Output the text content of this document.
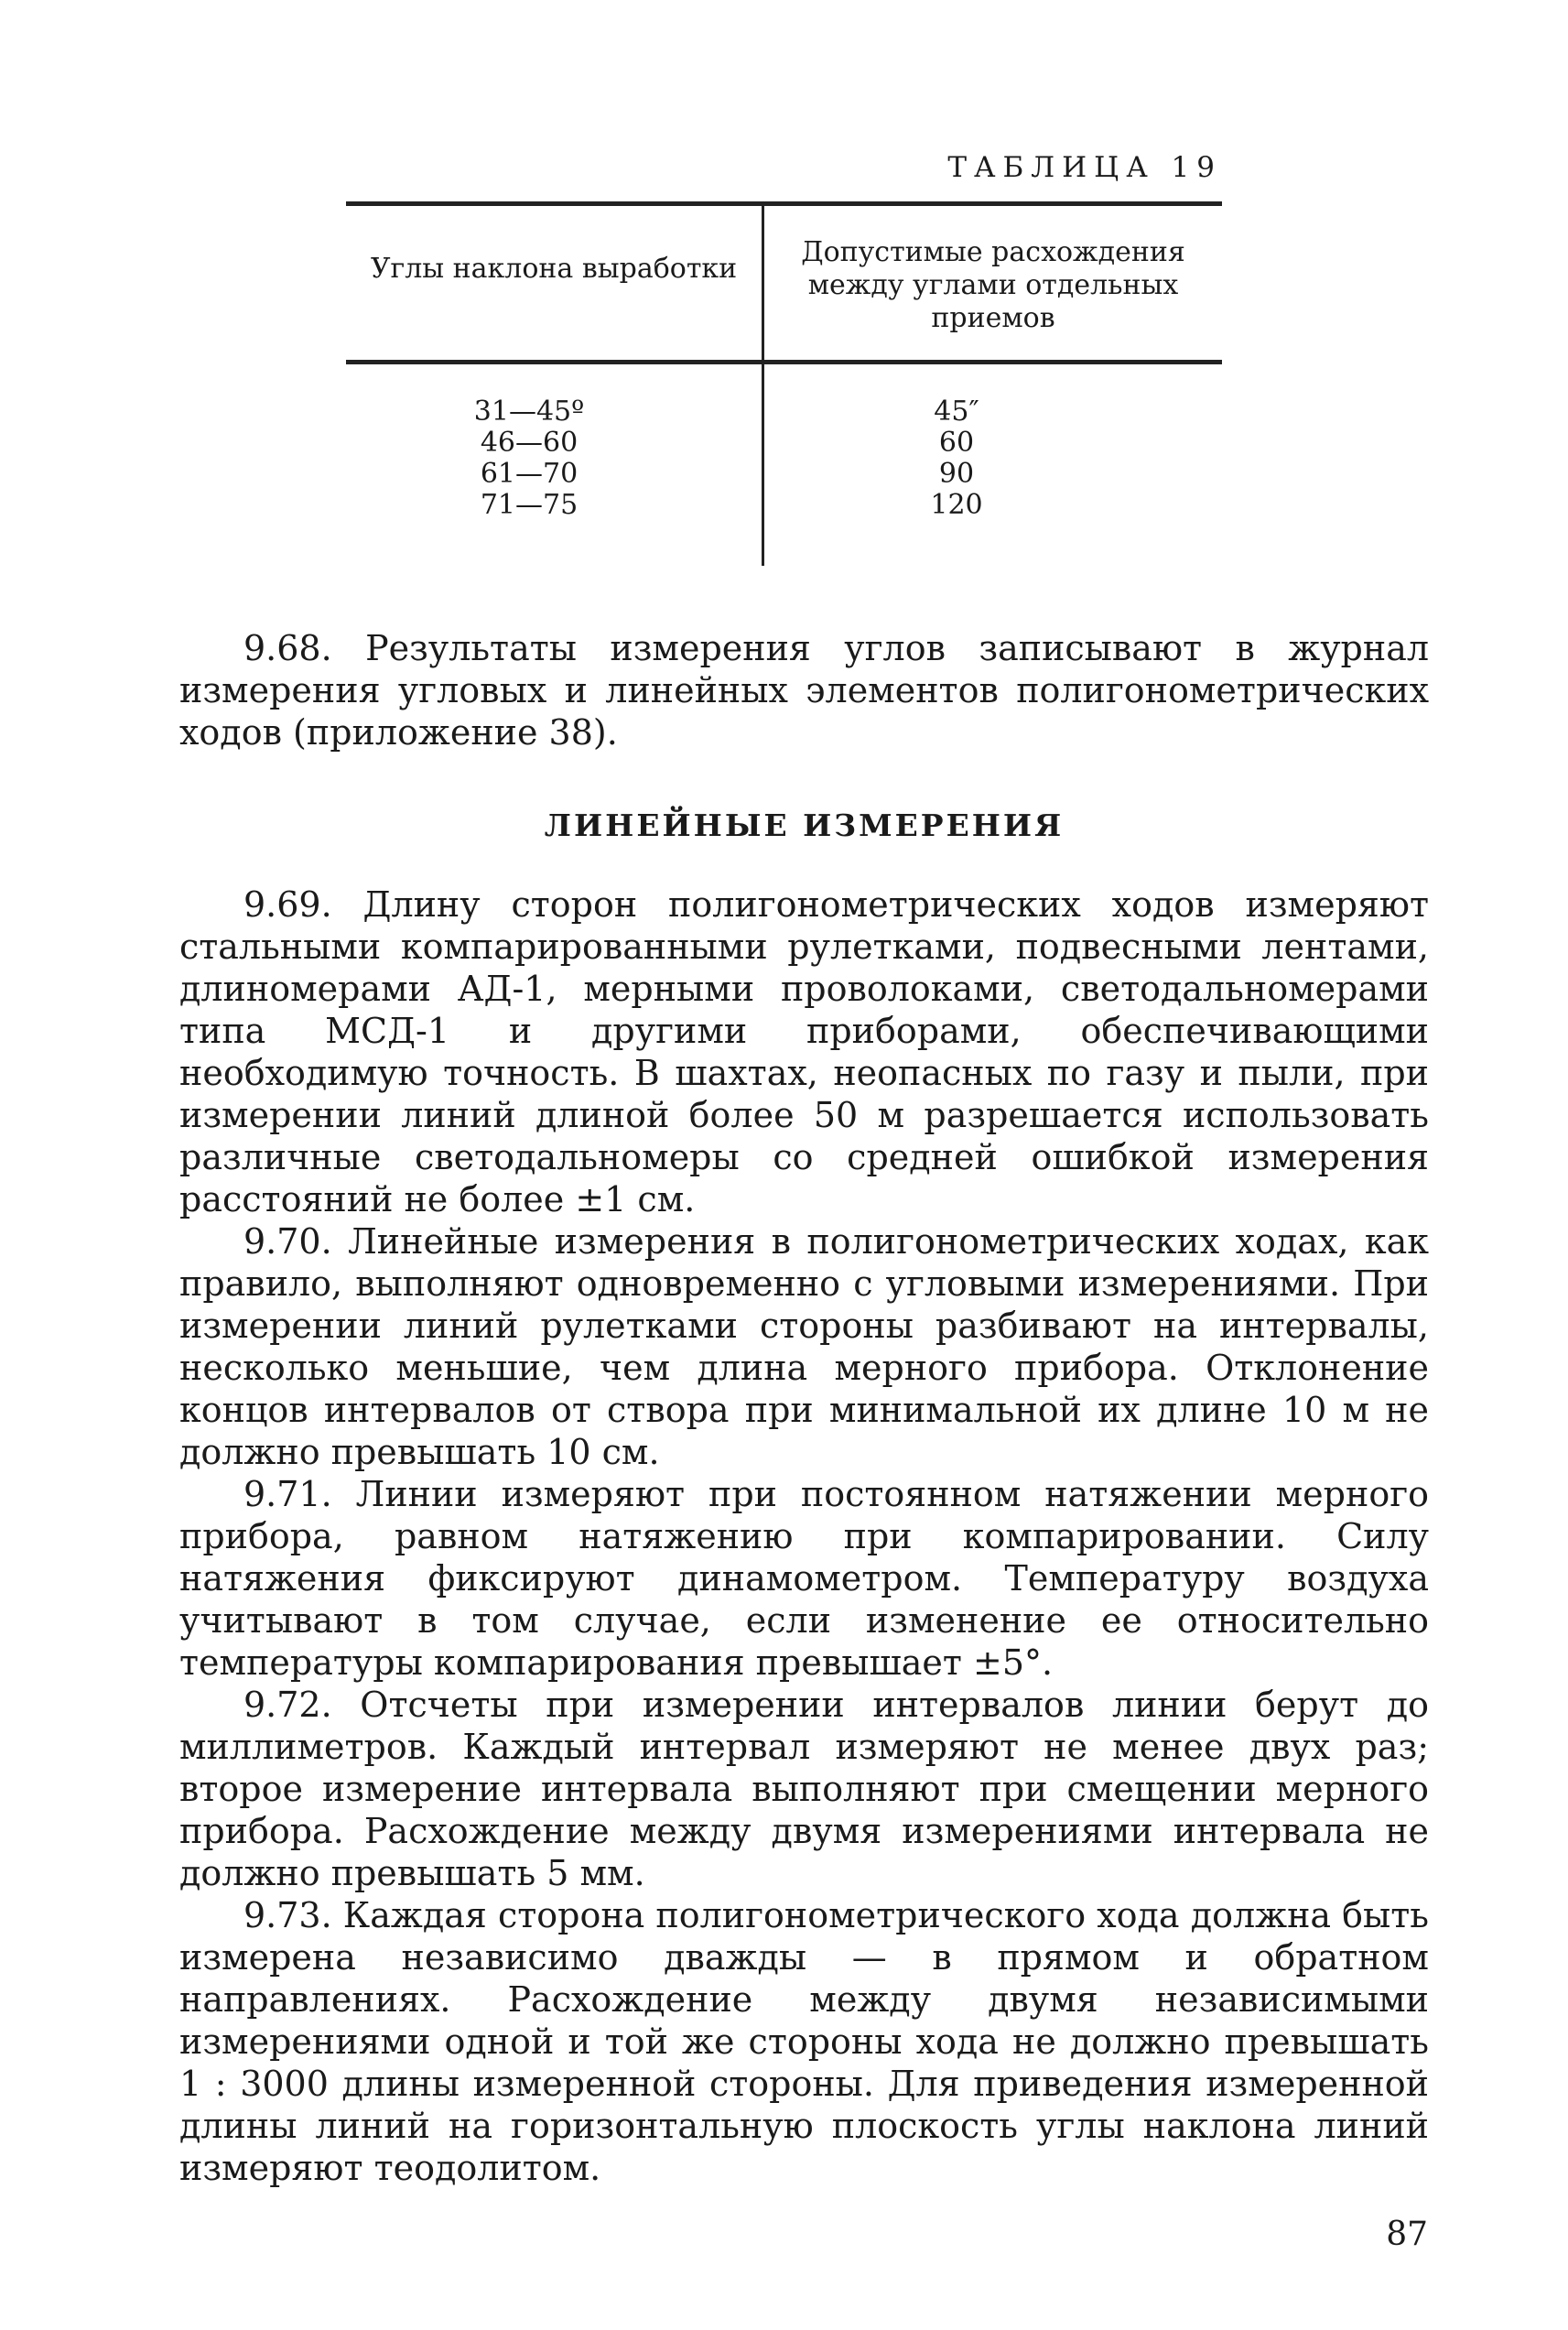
ТАБЛИЦА 19
Углы наклона выработки
Допустимые расхождения между углами отдельных приемов
31—45º
46—60
61—70
71—75
45″
60
90
120

9.68. Результаты измерения углов записывают в журнал измерения угловых и линейных элементов полигонометрических ходов (приложение 38).

ЛИНЕЙНЫЕ ИЗМЕРЕНИЯ

9.69. Длину сторон полигонометрических ходов измеряют стальными компарированными рулетками, подвесными лентами, длиномерами АД-1, мерными проволоками, светодальномерами типа МСД-1 и другими приборами, обеспечивающими необходимую точность. В шахтах, неопасных по газу и пыли, при измерении линий длиной более 50 м разрешается использовать различные светодальномеры со средней ошибкой измерения расстояний не более ±1 см.

9.70. Линейные измерения в полигонометрических ходах, как правило, выполняют одновременно с угловыми измерениями. При измерении линий рулетками стороны разбивают на интервалы, несколько меньшие, чем длина мерного прибора. Отклонение концов интервалов от створа при минимальной их длине 10 м не должно превышать 10 см.

9.71. Линии измеряют при постоянном натяжении мерного прибора, равном натяжению при компарировании. Силу натяжения фиксируют динамометром. Температуру воздуха учитывают в том случае, если изменение ее относительно температуры компарирования превышает ±5°.

9.72. Отсчеты при измерении интервалов линии берут до миллиметров. Каждый интервал измеряют не менее двух раз; второе измерение интервала выполняют при смещении мерного прибора. Расхождение между двумя измерениями интервала не должно превышать 5 мм.

9.73. Каждая сторона полигонометрического хода должна быть измерена независимо дважды — в прямом и обратном направлениях. Расхождение между двумя независимыми измерениями одной и той же стороны хода не должно превышать 1 : 3000 длины измеренной стороны. Для приведения измеренной длины линий на горизонтальную плоскость углы наклона линий измеряют теодолитом.

87
